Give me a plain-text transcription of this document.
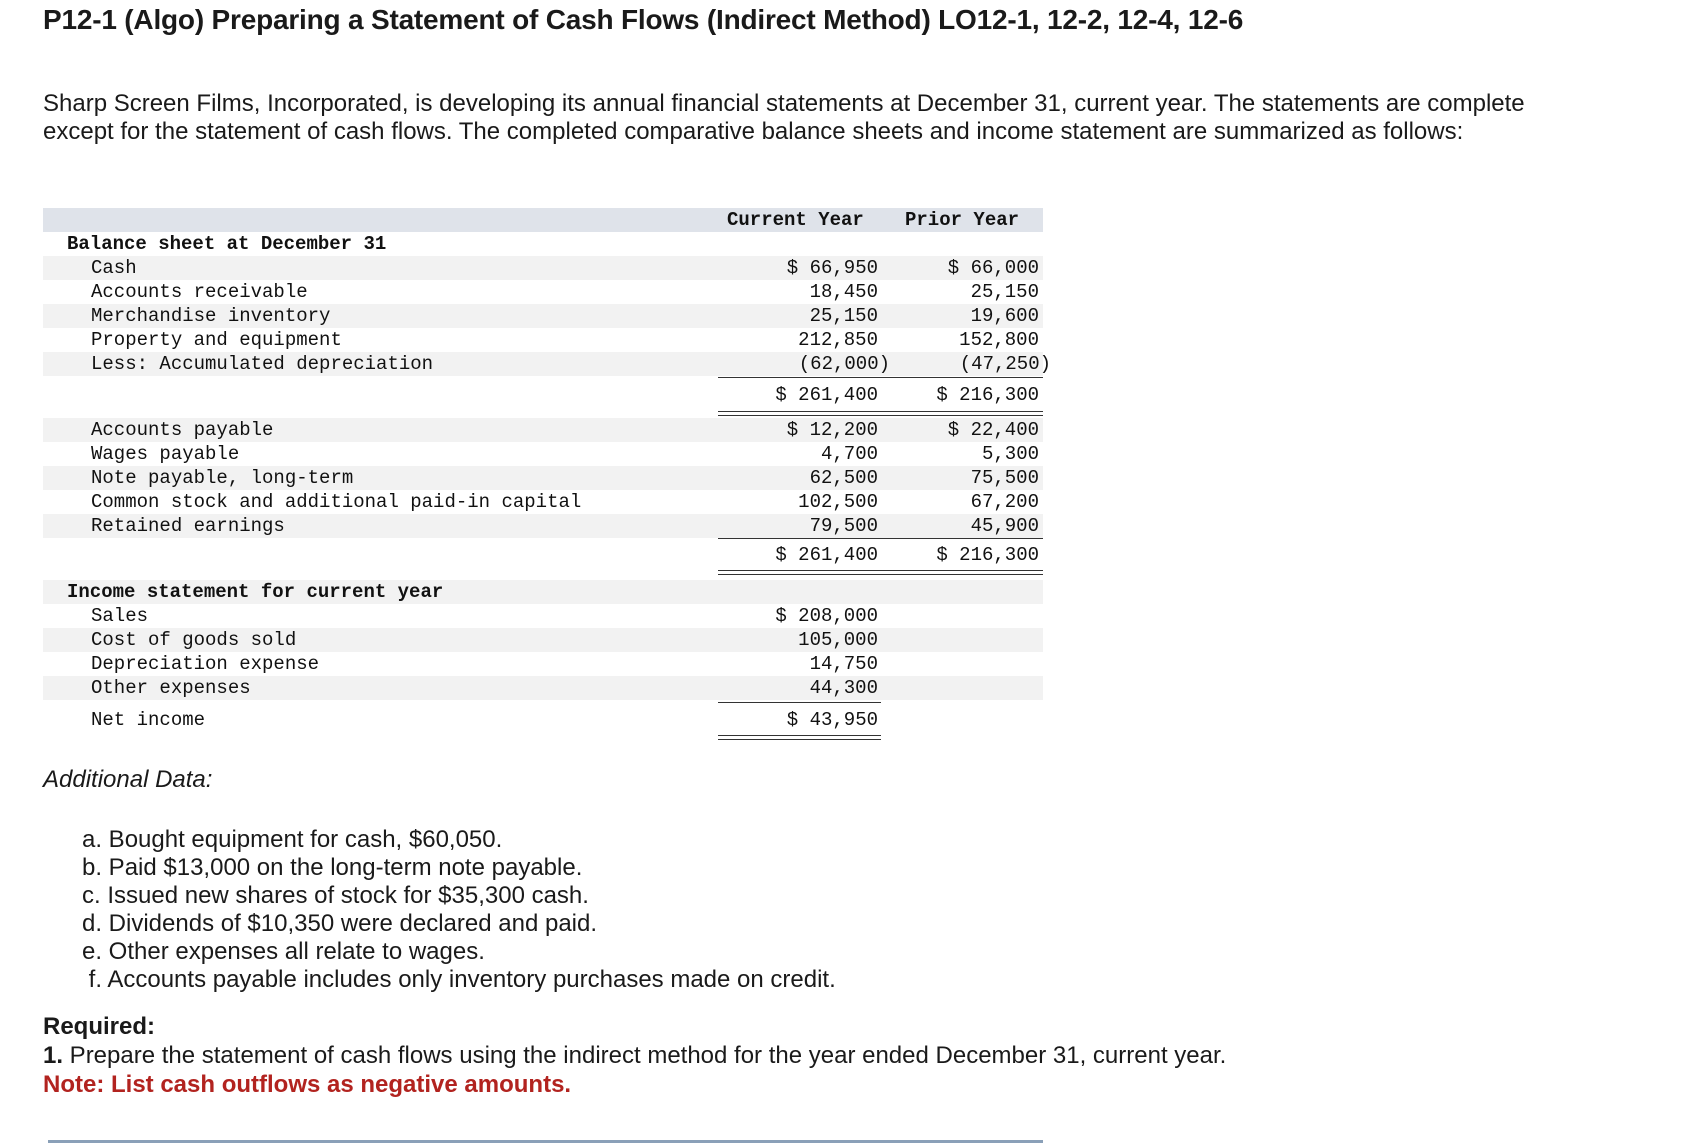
P12-1 (Algo) Preparing a Statement of Cash Flows (Indirect Method) LO12-1, 12-2, 12-4, 12-6
Sharp Screen Films, Incorporated, is developing its annual financial statements at December 31, current year. The statements are complete except for the statement of cash flows. The completed comparative balance sheets and income statement are summarized as follows:
Current Year Prior Year
Balance sheet at December 31
Cash	$ 66,950	$ 66,000
Accounts receivable	18,450	25,150
Merchandise inventory	25,150	19,600
Property and equipment	212,850	152,800
Less: Accumulated depreciation	(62,000)	(47,250)
$ 261,400	$ 216,300
Accounts payable	$ 12,200	$ 22,400
Wages payable	4,700	5,300
Note payable, long-term	62,500	75,500
Common stock and additional paid-in capital	102,500	67,200
Retained earnings	79,500	45,900
$ 261,400	$ 216,300
Income statement for current year
Sales	$ 208,000
Cost of goods sold	105,000
Depreciation expense	14,750
Other expenses	44,300
Net income	$ 43,950
Additional Data:
a. Bought equipment for cash, $60,050.
b. Paid $13,000 on the long-term note payable.
c. Issued new shares of stock for $35,300 cash.
d. Dividends of $10,350 were declared and paid.
e. Other expenses all relate to wages.
f. Accounts payable includes only inventory purchases made on credit.
Required:
1. Prepare the statement of cash flows using the indirect method for the year ended December 31, current year.
Note: List cash outflows as negative amounts.
